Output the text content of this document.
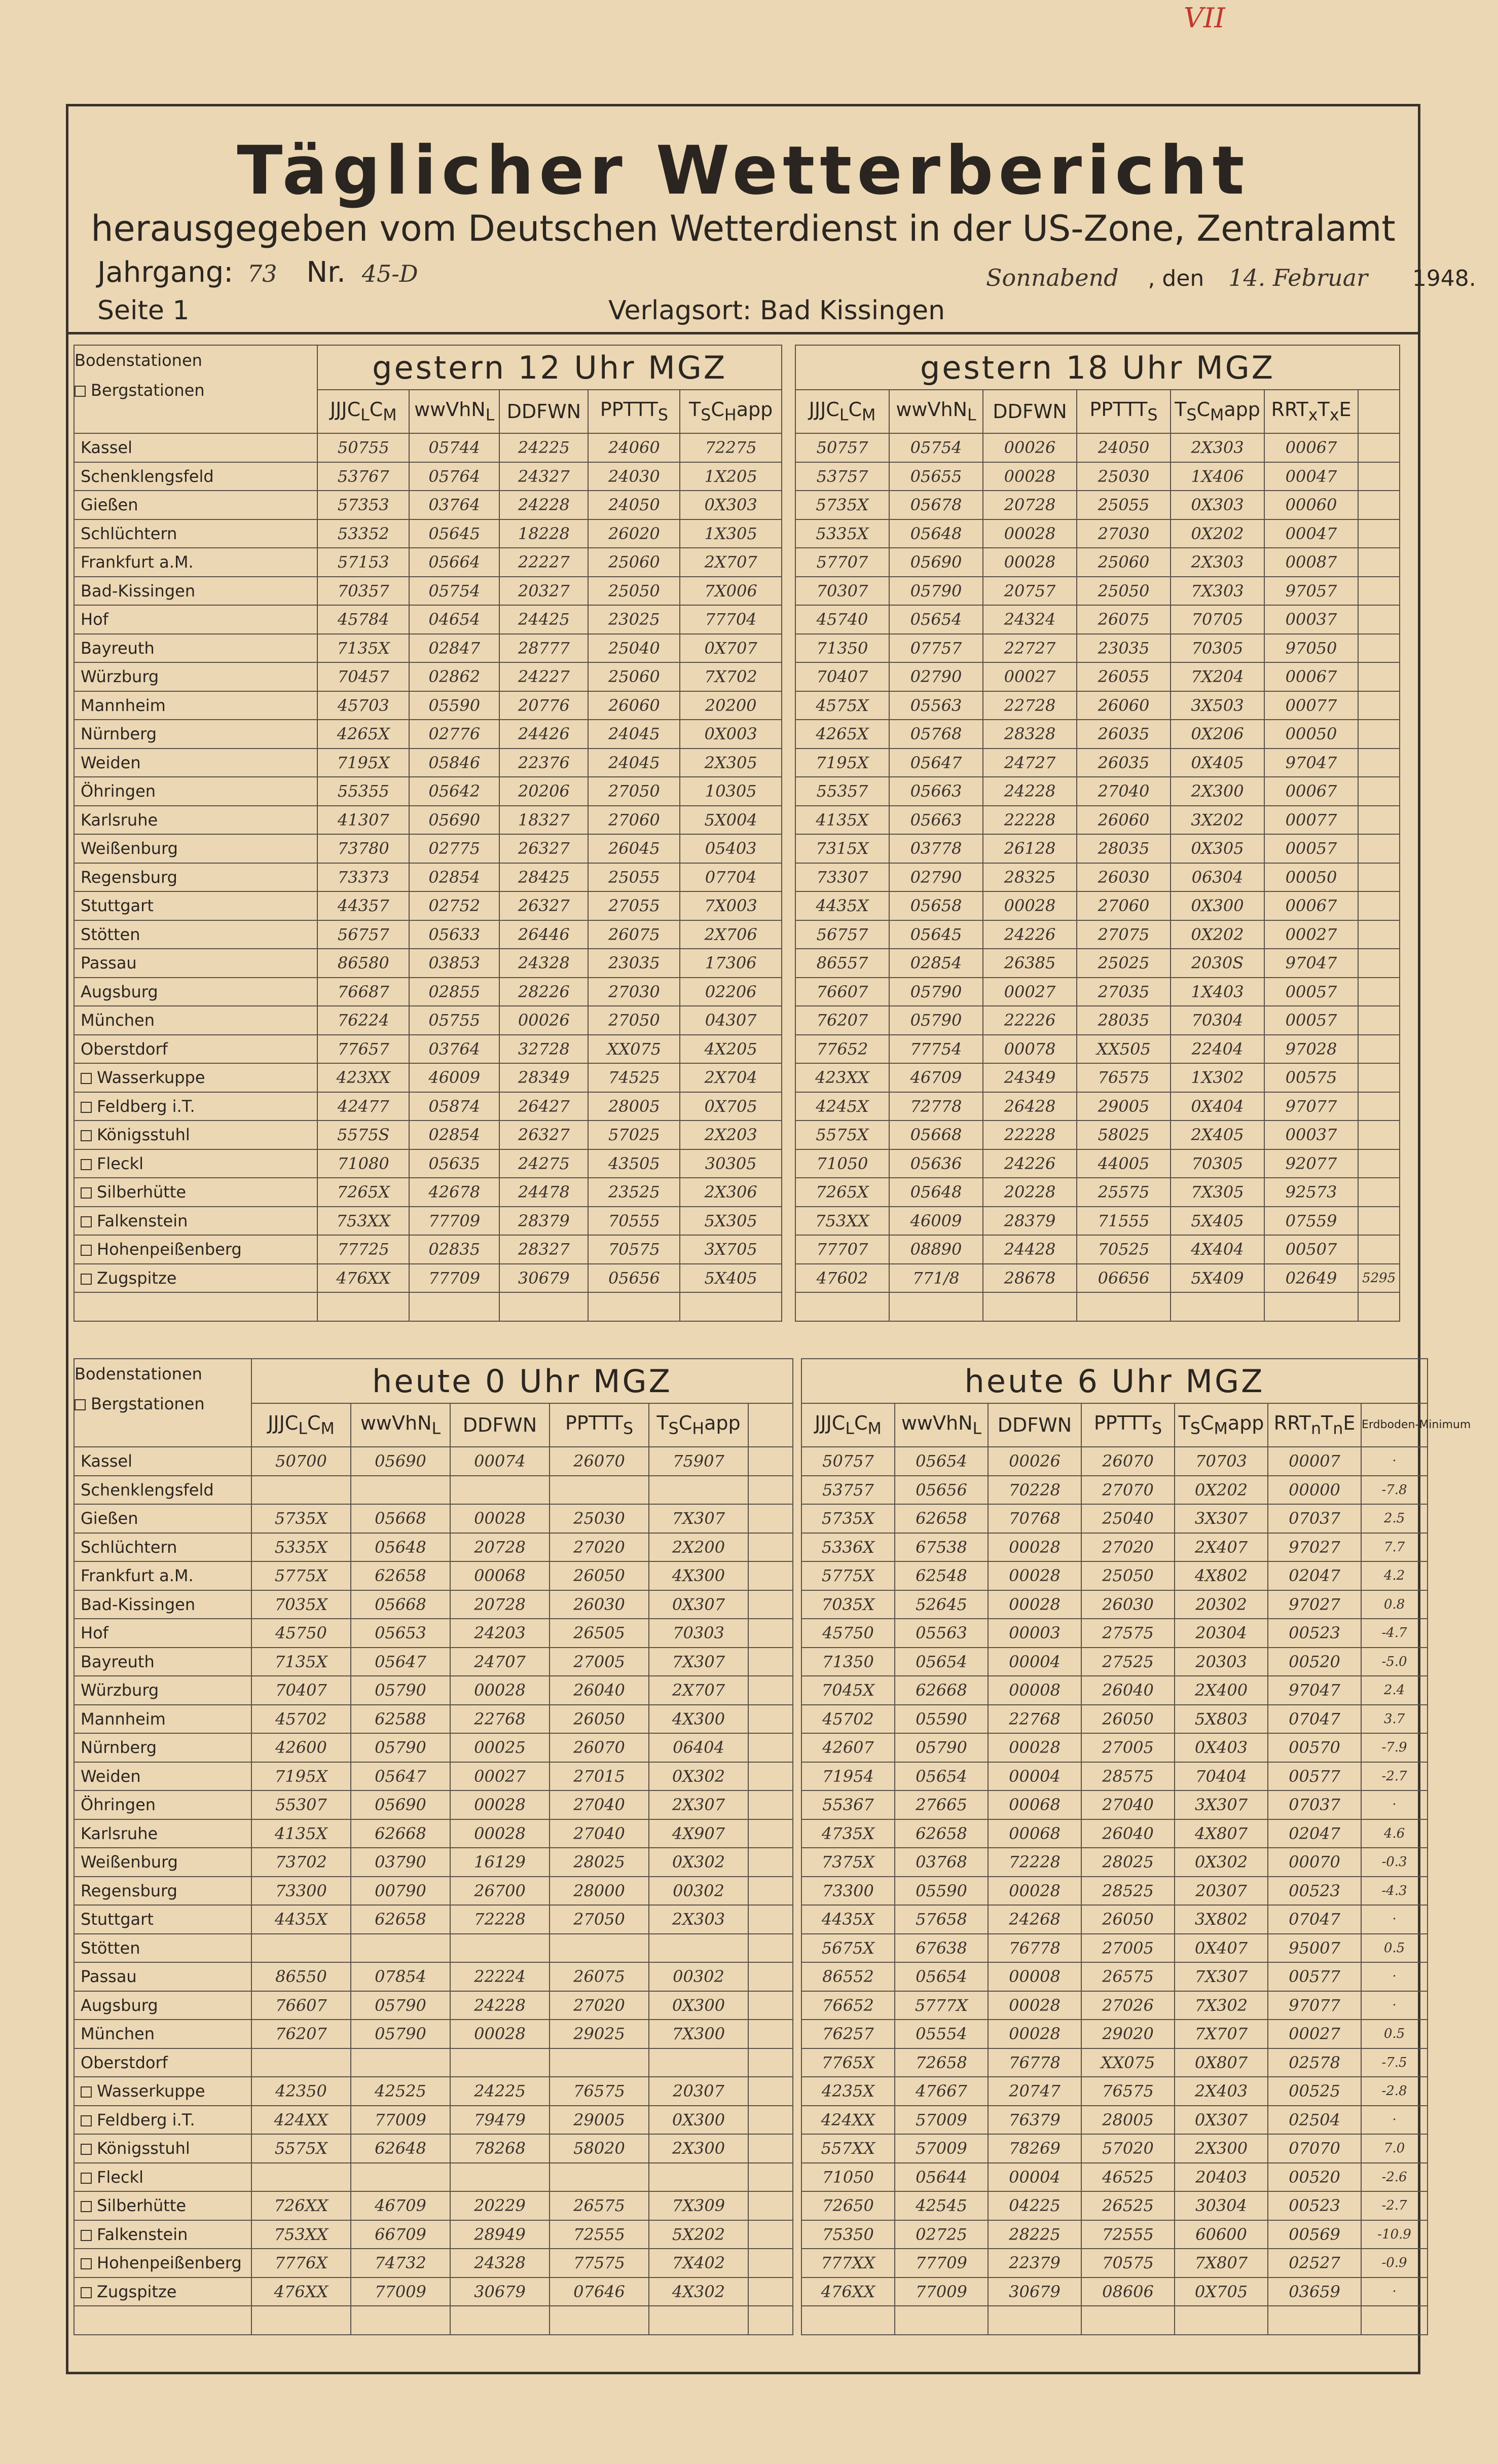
VII
Täglicher Wetterbericht
herausgegeben vom Deutschen Wetterdienst in der US-Zone, Zentralamt
Jahrgang: 73 Nr. 45-D	Sonnabend , den 14. Februar 1948.
Seite 1	Verlagsort: Bad Kissingen
Bodenstationen
Bergstationen	gestern 12 Uhr MGZ				
	$JJJC_LC_M$	wwVhN$_L$	DDFWN	$PPTTT_S$	$T_SC_Happ$
Kassel	50755	05744	24225	24060	72275
Schenklengsfeld	53767	05764	24327	24030	1X205
Gießen	57353	03764	24228	24050	0X303
Schlüchtern	53352	05645	18228	26020	1X305
Frankfurt a.M.	57153	05664	22227	25060	2X707
Bad-Kissingen	70357	05754	20327	25050	7X006
Hof	45784	04654	24425	23025	77704
Bayreuth	7135X	02847	28777	25040	0X707
Würzburg	70457	02862	24227	25060	7X702
Mannheim	45703	05590	20776	26060	20200
Nürnberg	4265X	02776	24426	24045	0X003
Weiden	7195X	05846	22376	24045	2X305
Öhringen	55355	05642	20206	27050	10305
Karlsruhe	41307	05690	18327	27060	5X004
Weißenburg	73780	02775	26327	26045	05403
Regensburg	73373	02854	28425	25055	07704
Stuttgart	44357	02752	26327	27055	7X003
Stötten	56757	05633	26446	26075	2X706
Passau	86580	03853	24328	23035	17306
Augsburg	76687	02855	28226	27030	02206
München	76224	05755	00026	27050	04307
Oberstdorf	77657	03764	32728	XX075	4X205
Wasserkuppe	423XX	46009	28349	74525	2X704
Feldberg i.T.	42477	05874	26427	28005	0X705
Königsstuhl	5575S	02854	26327	57025	2X203
Fleckl	71080	05635	24275	43505	30305
Silberhütte	7265X	42678	24478	23525	2X306
Falkenstein	753XX	77709	28379	70555	5X305
Hohenpeißenberg	77725	02835	28327	70575	3X705
Zugspitze	476XX	77709	30679	05656	5X405

gestern 18 Uhr MGZ						
$JJJC_LC_M$	wwVhN$_L$	DDFWN	$PPTTT_S$	$T_SC_Mapp$	$RRT_xT_xE$	
50757	05754	00026	24050	2X303	00067	
53757	05655	00028	25030	1X406	00047	
5735X	05678	20728	25055	0X303	00060	
5335X	05648	00028	27030	0X202	00047	
57707	05690	00028	25060	2X303	00087	
70307	05790	20757	25050	7X303	97057	
45740	05654	24324	26075	70705	00037	
71350	07757	22727	23035	70305	97050	
70407	02790	00027	26055	7X204	00067	
4575X	05563	22728	26060	3X503	00077	
4265X	05768	28328	26035	0X206	00050	
7195X	05647	24727	26035	0X405	97047	
55357	05663	24228	27040	2X300	00067	
4135X	05663	22228	26060	3X202	00077	
7315X	03778	26128	28035	0X305	00057	
73307	02790	28325	26030	06304	00050	
4435X	05658	00028	27060	0X300	00067	
56757	05645	24226	27075	0X202	00027	
86557	02854	26385	25025	2030S	97047	
76607	05790	00027	27035	1X403	00057	
76207	05790	22226	28035	70304	00057	
77652	77754	00078	XX505	22404	97028	
423XX	46709	24349	76575	1X302	00575	
4245X	72778	26428	29005	0X404	97077	
5575X	05668	22228	58025	2X405	00037	
71050	05636	24226	44005	70305	92077	
7265X	05648	20228	25575	7X305	92573	
753XX	46009	28379	71555	5X405	07559	
77707	08890	24428	70525	4X404	00507	
47602	771/8	28678	06656	5X409	02649	5295

Bodenstationen
Bergstationen	heute 0 Uhr MGZ					
	$JJJC_LC_M$	wwVhN$_L$	DDFWN	$PPTTT_S$	$T_SC_Happ$	
Kassel	50700	05690	00074	26070	75907	
Schenklengsfeld						
Gießen	5735X	05668	00028	25030	7X307	
Schlüchtern	5335X	05648	20728	27020	2X200	
Frankfurt a.M.	5775X	62658	00068	26050	4X300	
Bad-Kissingen	7035X	05668	20728	26030	0X307	
Hof	45750	05653	24203	26505	70303	
Bayreuth	7135X	05647	24707	27005	7X307	
Würzburg	70407	05790	00028	26040	2X707	
Mannheim	45702	62588	22768	26050	4X300	
Nürnberg	42600	05790	00025	26070	06404	
Weiden	7195X	05647	00027	27015	0X302	
Öhringen	55307	05690	00028	27040	2X307	
Karlsruhe	4135X	62668	00028	27040	4X907	
Weißenburg	73702	03790	16129	28025	0X302	
Regensburg	73300	00790	26700	28000	00302	
Stuttgart	4435X	62658	72228	27050	2X303	
Stötten						
Passau	86550	07854	22224	26075	00302	
Augsburg	76607	05790	24228	27020	0X300	
München	76207	05790	00028	29025	7X300	
Oberstdorf						
Wasserkuppe	42350	42525	24225	76575	20307	
Feldberg i.T.	424XX	77009	79479	29005	0X300	
Königsstuhl	5575X	62648	78268	58020	2X300	
Fleckl						
Silberhütte	726XX	46709	20229	26575	7X309	
Falkenstein	753XX	66709	28949	72555	5X202	
Hohenpeißenberg	7776X	74732	24328	77575	7X402	
Zugspitze	476XX	77009	30679	07646	4X302	

heute 6 Uhr MGZ						
$JJJC_LC_M$	wwVhN$_L$	DDFWN	$PPTTT_S$	$T_SC_Mapp$	$RRT_nT_nE$	Erdboden-Minimum
50757	05654	00026	26070	70703	00007	·
53757	05656	70228	27070	0X202	00000	-7.8
5735X	62658	70768	25040	3X307	07037	2.5
5336X	67538	00028	27020	2X407	97027	7.7
5775X	62548	00028	25050	4X802	02047	4.2
7035X	52645	00028	26030	20302	97027	0.8
45750	05563	00003	27575	20304	00523	-4.7
71350	05654	00004	27525	20303	00520	-5.0
7045X	62668	00008	26040	2X400	97047	2.4
45702	05590	22768	26050	5X803	07047	3.7
42607	05790	00028	27005	0X403	00570	-7.9
71954	05654	00004	28575	70404	00577	-2.7
55367	27665	00068	27040	3X307	07037	·
4735X	62658	00068	26040	4X807	02047	4.6
7375X	03768	72228	28025	0X302	00070	-0.3
73300	05590	00028	28525	20307	00523	-4.3
4435X	57658	24268	26050	3X802	07047	·
5675X	67638	76778	27005	0X407	95007	0.5
86552	05654	00008	26575	7X307	00577	·
76652	5777X	00028	27026	7X302	97077	·
76257	05554	00028	29020	7X707	00027	0.5
7765X	72658	76778	XX075	0X807	02578	-7.5
4235X	47667	20747	76575	2X403	00525	-2.8
424XX	57009	76379	28005	0X307	02504	·
557XX	57009	78269	57020	2X300	07070	7.0
71050	05644	00004	46525	20403	00520	-2.6
72650	42545	04225	26525	30304	00523	-2.7
75350	02725	28225	72555	60600	00569	-10.9
777XX	77709	22379	70575	7X807	02527	-0.9
476XX	77009	30679	08606	0X705	03659	·
